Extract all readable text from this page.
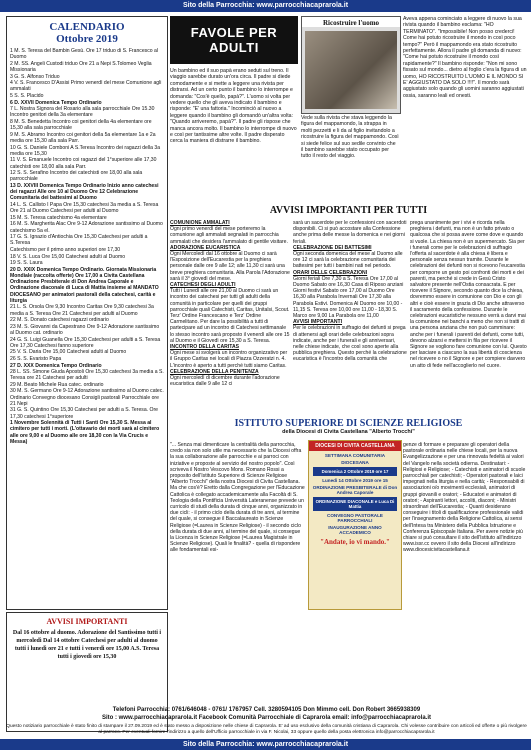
Sito della Parrocchia: www.parrocchiacaprarola.it
CALENDARIO
Ottobre 2019
1 M. S. Teresa del Bambin Gesù. Ore 17 triduo di S. Francesco al Duomo
2 M. SS. Angeli Custodi triduo Ore 21 a Nepi S.Tolomeo Veglia Missionaria
3 G. S. Alfonso Triduo
4 V. S. Francesco D'Assisi Primo venerdì del mese Comunione agli ammalati
5 S. S. Placido
6 D. XXVII Domenica Tempo Ordinario
7 L. Nostra Signora del Rosario alla sala parrocchiale Ore 15.30 Incontro genitori della 3a elementare
8 M. S. Benedetta Incontro coi genitori della 4a elementare ore 15,30 alla sala parrocchiale
9 M. S. Abramo Incontro coi genitori della 5a elementare 1a e 2a media ore 15,30 alla sala Parr.
10 G. S. Daniele Comboni A S.Teresa Incontro dei ragazzi della 3a media ore 15,30
11 V. S. Emanuele Incontro coi ragazzi del 1°superiore alle 17,30 catechisti ore 18,00 alla sala Parr.
12 S. S. Serafino Incontro dei catechisti ore 18,00 alla sala parrocchiale
13 D. XXVIII Domenica Tempo Ordinario Inizio anno catechesi dei ragazzi Alle ore 10 al Duomo Ore 12 Celebrazione Comunitaria dei battesimi al Duomo
14 L. S. Callisto I Papa Ore 15,30 catechesi 3a media a S. Teresa Ore 21 al Duomo Catechesi per adulti al Duomo
15 M. S. Teresa catechismo 4a elementare
16 M. S. Margherita Alac Ore 9-12 Adorazione santissimo al Duomo catechismo 5a el.
17 G. S. Ignazio d'Antiochia Ore 15,30 Catechesi per adulti a S.Teresa
Catechismo per il primo anno superiori ore 17,30
18 V. S. Luca Ore 15,00 Catechesi adulti al Duomo
19 S. S. Laura
20 D. XXIX Domenica Tempo Ordinario. Giornata Missionaria Mondiale (raccolta offerte) Ore 17,00 a Civita Castellana Ordinazione Presbiterale di Don Andrea Caporale e Ordinazione diaconale di Luca di Mattia insieme al MANDATO DIOCESANO per animatori pastorali della catechesi, carità e liturgia
21 L. S. Orsola Ore 9,30 Incontro Caritas Ore 9,30 catechesi 3a media a S. Teresa Ore 21 Catechesi per adulti al Duomo
22 M. S. Donato catechesi ragazzi ordinario
23 M. S. Giovanni da Capestrano Ore 9-12 Adorazione santissimo al Duomo cat. ordinario
24 G. S. Luigi Guanella Ore 15,30 Catechesi per adulti a S. Teresa Ore 17,30 Catechesi fanno superiore
25 V. S. Daria Ore 15,00 Catechesi adulti al Duomo
26 S. S. Evaristo Papa
27 D. XXX Domenica Tempo Ordinario
28 L. SS. Simone Giuda Apostoli Ore 15,30 catechesi 3a media a S. Teresa ore 21 Catechesi per adulti
29 M. Beato Michele Rua catec. ordinario
30 M. S. Germano Ore 9-12 Adorazione santissimo al Duomo catec. Ordinario Convegno diocesano Consigli pastorali Parrocchiale ore 21 Nepi
31 G. S. Quintino Ore 15,30 Catechesi per adulti a S. Teresa. Ore 17,30 catechesi 1°superiore
1 Novembre Solennità di Tutti i Santi Ore 15,30 S. Messa al cimitero per tutti i morti. (L'ottavario dei morti sarà al cimitero alle ore 9,00 e al Duomo alle ore 18,30 con la Via Crucis e Messa)
AVVISI IMPORTANTI
Dal 16 ottobre al duomo. Adorazione del Santissimo tutti i mercoledì Dal 14 ottobre Catechesi per adulti al duomo tutti i lunedì ore 21 e tutti i venerdì ore 15,00 A.S. Teresa tutti i giovedì ore 15,30
FAVOLE PER ADULTI
Un bambino ed il suo papà erano seduti sul treno. Il viaggio sarebbe durato un'ora circa. Il padre si diede comodamente e si mette a leggere una rivista per distrarsi. Ad un certo punto il bambino lo interrompe e domanda: "Cos'è quello, papà?". L'uomo si volta per vedere quello che gli aveva indicato il bambino e risponde: "E' una fattoria." Incominciò al nuovo a leggere quando il bambino gli domandò un'altra volta: "Quando arriveremo, papà?". Il padre gli rispose che manca ancora molto. Il bambino lo interrompe di nuovo e così per tantissime altre volte. Il padre disperato cerca la maniera di distrarre il bambino.
Ricostruire l'uomo
Vede sulla rivista che stava leggendo la figura del mappamondo, la strappa in molti pezzetti e li da al figlio invitandolo a ricostruire la figura del mappamondo. Così si siede felice sul suo sedile convinto che il bambino sarebbe stato occupato per tutto il resto del viaggio.
Aveva appena cominciato a leggere di nuovo la sua rivista quando il bambino esclama: "HO TERMINATO". "Impossibile! Non posso crederci! Come hai potuto ricostruire il mondo in così poco tempo?" Però il mappamondo era stato ricostruito perfettamente. Allora il padre gli domanda di nuovo: "Come hai potuto ricostruire il mondo così rapidamente?" Il bambino risponde: "Non mi sono fissato sul mondo... dietro al foglio c'era la figura di un uomo, HO RICOSTRUITO L'UOMO E IL MONDO SI E' AGGIUSTATO DA SOLO !!!!". Il mondo sarà aggiustato solo quando gli uomini saranno aggiustati ossia, saranno leali ed onesti.
AVVISI IMPORTANTI PER TUTTI
COMUNIONE AMMALATI
Ogni primo venerdì del mese porteremo la comunione agli ammalati segnalati in parrocchia ammalati che desidera l'ammalato di gentile visitare.
ADORAZIONE EUCARISTICA
Ogni Mercoledì dal 16 ottobre al Duomo ci sarà l'Esposizione dell'Eucarestia per la preghiera personale dalle ore 9 alle 12; alle 11,30 ci sarà una breve preghiera comunitaria. Alla Parola l'Adorazione sarà il 3° giovedì del mese.
CATECHESI DEGLI ADULTI
Tutti i Lunedì alle ore 21,00 al Duomo ci sarà un incontro dei catechesi per tutti gli adulti della comunità in particolare per quelli dei gruppi parrocchiale quali Catechisti, Caritas, Unitalsi, Scout. Terz' Ordine Francescano e Terz' Ordine Carmelitano. Per dare la possibilità a tutti di partecipare ad un incontro di Catechesi settimanale lo stesso incontro sarà proposto il venerdì alle ore 15 al Duomo e il Giovedì ore 15,30 a S. Teresa.
INCONTRO DELLA CARITAS
Ogni mese si svolgerà un incontro organizzativo per il Gruppo Caritas nei locali di Piazza Ozzeratzi n. 4. L'incontro è aperto a tutti perché tutti siamo Caritas.
CELEBRAZIONE DELLA PENITENZA
Ogni mercoledì di dicembre durante l'adorazione eucaristica dalle 9 alle 12 ci
sarà un sacerdote per le confessioni con sacerdoti disponibili. Ci si può accostare alla Confessione anche prima delle messe la domenica e nei giorni feriali.
CELEBRAZIONE DEI BATTESIMI
Ogni seconda domenica del mese al Duomo alle ore 12 ci sarà la celebrazione comunitaria dei battesimi per tutti i bambini nati nel periodo.
ORARI DELLE CELEBRAZIONI
Giorni feriali Ore 7,30 a S. Teresa Ore 17,00 al Duomo Sabato ore 16,30 Casa di Riposo anziani Giorni festivi Sabato ore 17,00 al Duomo Ore 16,30 alla Parabola Invernali Ore 17,30 alla Parabola Estivi. Domenica Al Duomo ore 10,00 - 11,15 S. Teresa ore 10,00 ore 11,00 - 18,30 S. Marco ore 9,00 La Parabola ore 11,00
AVVISI IMPORTANTI
Per le celebrazioni in suffragio dei defunti si prega di attenersi agli orari delle celebrazioni sopra indicate, anche per i funerali e gli anniversari, nelle chiese indicate, che così sono aperte alla pubblica preghiera. Questo perché la celebrazione eucaristica è l'incontro della comunità che
prega unanimente per i vivi e ricorda nella preghiera i defunti, ma non è un fatto privato o qualcosa che si possa avere come dove e quando si vuole. La chiesa non è un supermercato. Sia per i funerali come per le celebrazioni di suffragio l'offerta al sacerdote è alla chiesa è libera e personale senza nessun tramite. Durante le celebrazioni dei defunti non si ricevono l'eucarestia per comporre un gesto poi confronti dei morti e dei parenti, ma perché si crede in Gesù Cristo salvatore presente nell'Ostia consacrata. E per ricevere il Signore, secondo quanto dice la chiesa, dovremmo essere in comunione con Dio e con gli altri e cioè essere in grazia di Dio anche attraverso il sacramento della confessione. Durante le celebrazioni eucaristiche nessuno verrà a darvi mai la comunione nei banchi a meno che non si tratti di una persona anziana che non può camminare: anche per i funerali i parenti dei defunti, come tutti, devono alzarsi e mettersi in fila per ricevere il Signore se vogliono fare comunione con lui. Questo per lasciare a ciascuno la sua libertà di coscienza nel ricevere o no il Signore e per compiere davvero un atto di fede nell'accoglierlo nel cuore.
ISTITUTO SUPERIORE DI SCIENZE RELIGIOSE
della Diocesi di Civita Castellana "Alberto Trocchi"
"... Senza mai dimenticare la centralità della parrocchia, credo sia non solo utile ma necessario che la Diocesi offra la sua collaborazione alle parrocchie e ai parroci con iniziative e proposte al servizio del nostro popolo". Così scriveva il Nostro Vescovo Mons. Romano Rossi a proposito dell'Istituto Superiore di Scienze Religiose "Alberto Trocchi" della nostra Diocesi di Civita Castellana. Ma che cos'è? Eretto dalla Congregazione per l'Educazione Cattolica è collegato accademicamente alla Facoltà di S. Teologia della Pontificia Università Lateranense prevede un curricolo di studi della durata di cinque anni, organizzato in due cicli: - il primo ciclo della durata di tre anni, al termine del quale, si consegue il Baccalaureato in Scienze Religiose (=Laurea in Scienze Religiose) - il secondo ciclo della durata di due anni, al termine del quale, si consegue la Licenza in Scienze Religiose (=Laurea Magistrale in Scienze Religiose). Quali le finalità? - quella di rispondere alle fondamentali esi-
DIOCESI DI CIVITA CASTELLANA
SETTIMANA COMUNITARIA
DIOCESANA
Domenica 2 Ottobre 2019 ore 17
Lunedì 14 Ottobre 2019 ore 15
ORDINAZIONE PRESBITERALE di Don Andrea Caporale
ORDINAZIONE DIACONALE e Luca Di Mattia
CONVEGNO PASTORALE PARROCCHIALI
INAUGURAZIONE ANNO ACCADEMICO
"Andate, io vi mando."
genze di formare e preparare gli operatori della pastorale ordinaria nelle chiese locali, per la nuova Evangelizzazione e per una rinnovata fedeltà ai valori del Vangelo nella società odierna. Destinatari: - Religiosi e Religiose; - Catechisti e animatori di scuole parrocchiali per catechisti; - Operatori pastorali e laici impegnati nella liturgia e nella carità; - Responsabili di associazioni o/o movimenti ecclesiali, animatori di gruppi giovanili e oratori; - Educatori e animatori di oratori; - Aspiranti lettori, accoliti, diaconi; - Ministri straordinari dell'Eucarestia; - Quanti desiderano conseguire i titoli di qualificazione professionale validi per l'insegnamento della Religione Cattolica, ai sensi dell'Intesa tra Ministero della Pubblica Istruzione e Conferenza Episcopale Italiana. Per avere notizie più chiare si può consultare il sito dell'Istituto all'indirizzo www.issr.cc ovvero il sito della Diocesi all'indirizzo www.diocesicivitacastellana.it
Telefoni Parrocchia: 0761/646048 - 0761/ 1767957 Cell. 3280594105 Don Mimmo cell. Don Robert 3665938309
Sito : www.parrocchiacaprarola.it Facebook Comunità Parrocchiale di Caprarola email: info@parrocchiacaprarola.it
Questo notiziario parrocchiale è stato finito di stampare il 27.09.2019 ed è stato messo a disposizione nelle chiese di Caprarola. E' ad uso esclusivo della comunità cristiana di Caprarola. Chi volesse contribuire con articoli ed offerte o più rivolgere al parroco. Per eventuali fornire l'indirizzo a quello dell'Ufficio parrocchiale in via F. Nicolai, 33 oppure quello della posta elettronica info@parrocchiacaprarola.it
Sito della Parrocchia: www.parrocchiacaprarola.it
